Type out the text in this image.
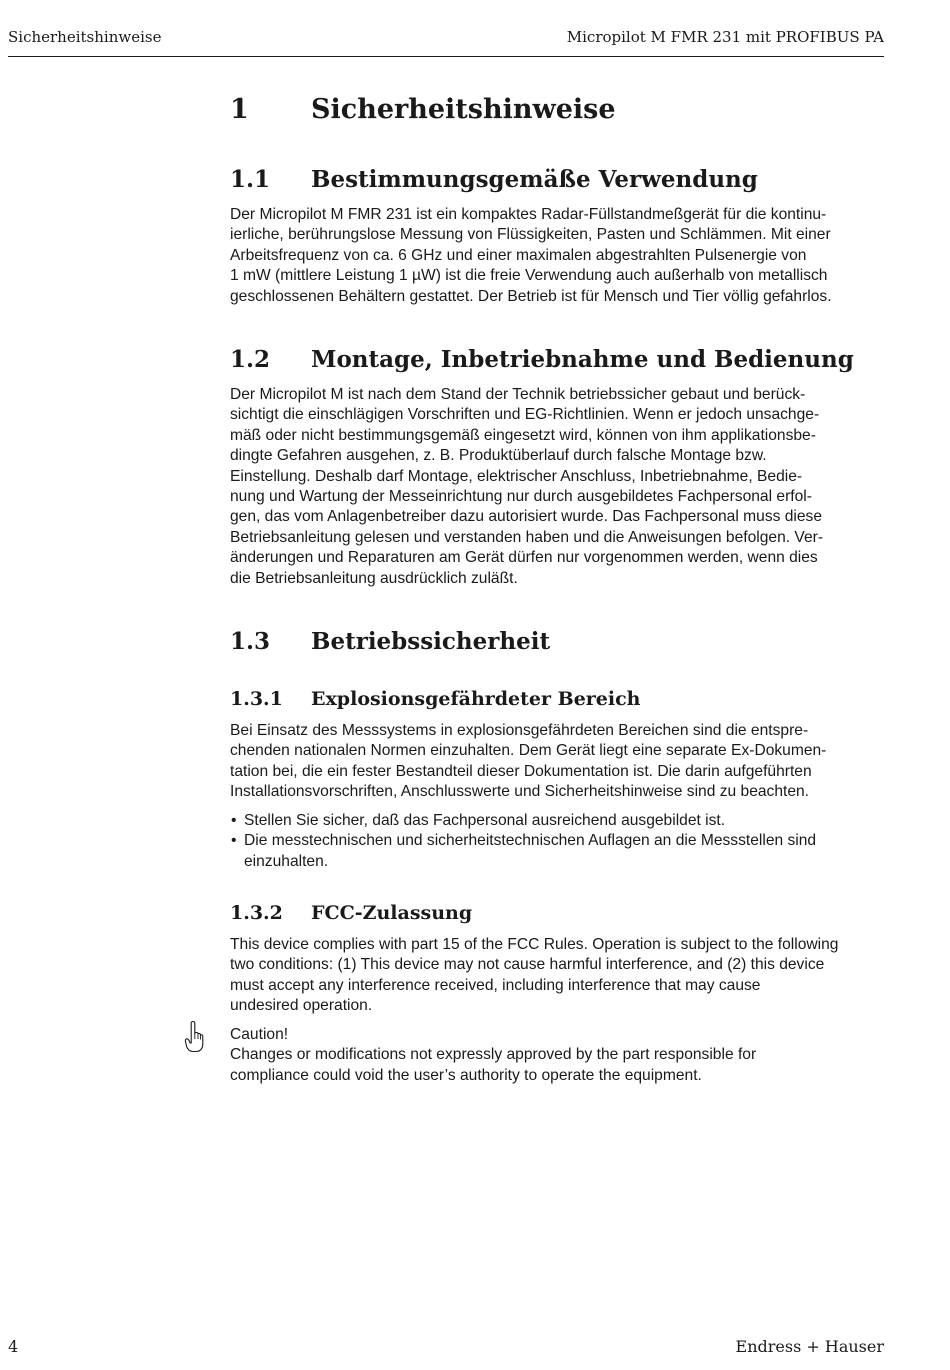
Sicherheitshinweise	Micropilot M FMR 231 mit PROFIBUS PA
1 Sicherheitshinweise
1.1 Bestimmungsgemäße Verwendung

Der Micropilot M FMR 231 ist ein kompaktes Radar-Füllstandmeßgerät für die kontinu-
ierliche, berührungslose Messung von Flüssigkeiten, Pasten und Schlämmen. Mit einer
Arbeitsfrequenz von ca. 6 GHz und einer maximalen abgestrahlten Pulsenergie von
1 mW (mittlere Leistung 1 µW) ist die freie Verwendung auch außerhalb von metallisch
geschlossenen Behältern gestattet. Der Betrieb ist für Mensch und Tier völlig gefahrlos.

1.2 Montage, Inbetriebnahme und Bedienung

Der Micropilot M ist nach dem Stand der Technik betriebssicher gebaut und berück-
sichtigt die einschlägigen Vorschriften und EG-Richtlinien. Wenn er jedoch unsachge-
mäß oder nicht bestimmungsgemäß eingesetzt wird, können von ihm applikationsbe-
dingte Gefahren ausgehen, z. B. Produktüberlauf durch falsche Montage bzw.
Einstellung. Deshalb darf Montage, elektrischer Anschluss, Inbetriebnahme, Bedie-
nung und Wartung der Messeinrichtung nur durch ausgebildetes Fachpersonal erfol-
gen, das vom Anlagenbetreiber dazu autorisiert wurde. Das Fachpersonal muss diese
Betriebsanleitung gelesen und verstanden haben und die Anweisungen befolgen. Ver-
änderungen und Reparaturen am Gerät dürfen nur vorgenommen werden, wenn dies
die Betriebsanleitung ausdrücklich zuläßt.

1.3 Betriebssicherheit
1.3.1 Explosionsgefährdeter Bereich

Bei Einsatz des Messsystems in explosionsgefährdeten Bereichen sind die entspre-
chenden nationalen Normen einzuhalten. Dem Gerät liegt eine separate Ex-Dokumen-
tation bei, die ein fester Bestandteil dieser Dokumentation ist. Die darin aufgeführten
Installationsvorschriften, Anschlusswerte und Sicherheitshinweise sind zu beachten.

• Stellen Sie sicher, daß das Fachpersonal ausreichend ausgebildet ist.
• Die messtechnischen und sicherheitstechnischen Auflagen an die Messstellen sind
einzuhalten.
1.3.2 FCC-Zulassung

This device complies with part 15 of the FCC Rules. Operation is subject to the following
two conditions: (1) This device may not cause harmful interference, and (2) this device
must accept any interference received, including interference that may cause
undesired operation.

Caution!
Changes or modifications not expressly approved by the part responsible for
compliance could void the user’s authority to operate the equipment.

4	Endress + Hauser
